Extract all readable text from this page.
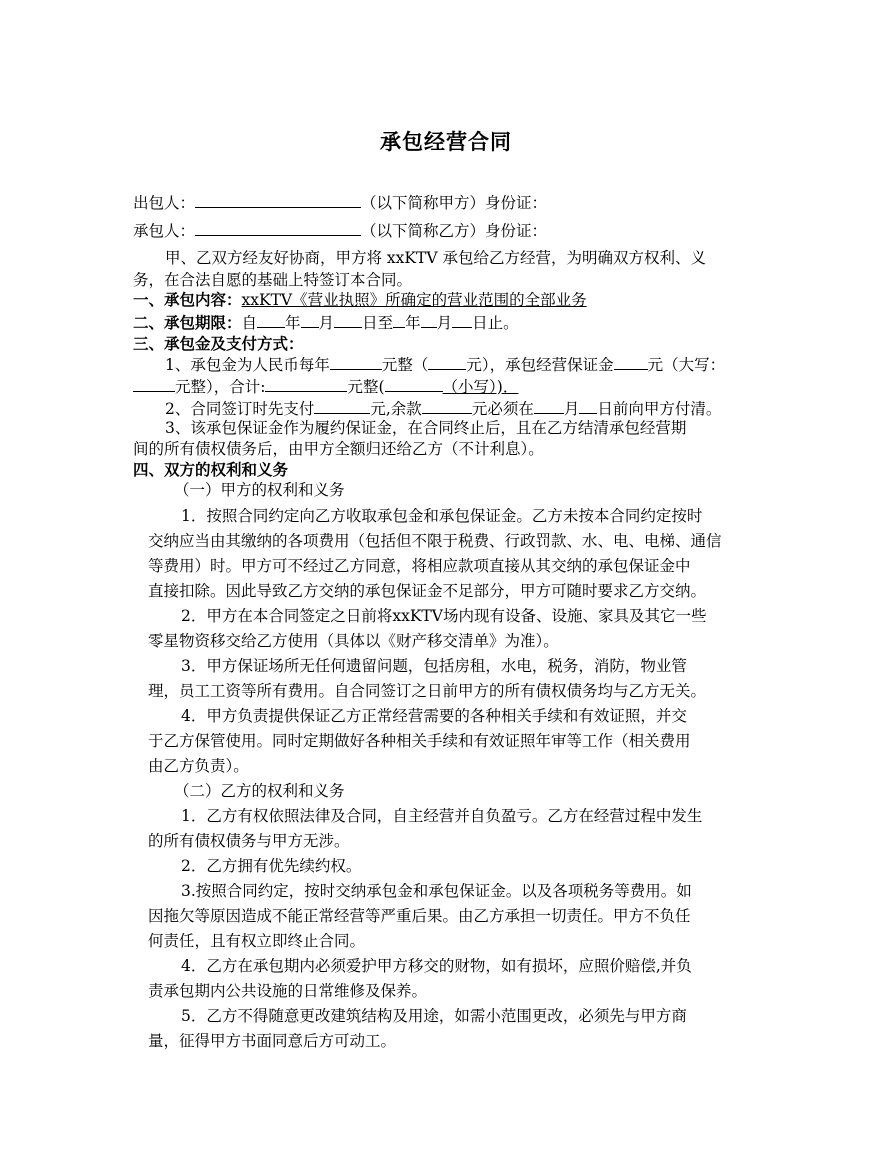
承包经营合同
出包人：	（以下简称甲方）身份证：
承包人：	（以下简称乙方）身份证：
甲、乙双方经友好协商，甲方将 xxKTV 承包给乙方经营，为明确双方权利、义
务，在合法自愿的基础上特签订本合同。
一、承包内容：xxKTV《营业执照》所确定的营业范围的全部业务
二、承包期限：自 年 月 日至 年 月 日止。
三、承包金及支付方式：
1、承包金为人民币每年	元整（ 元），承包经营保证金 元（大写：
元整），合计:	元整(	（小写）)．
2、合同签订时先支付	元,余款	元必须在 月 日前向甲方付清。
3、该承包保证金作为履约保证金，在合同终止后，且在乙方结清承包经营期
间的所有债权债务后，由甲方全额归还给乙方（不计利息）。
四、双方的权利和义务
（一）甲方的权利和义务
1．按照合同约定向乙方收取承包金和承包保证金。乙方未按本合同约定按时
交纳应当由其缴纳的各项费用（包括但不限于税费、行政罚款、水、电、电梯、通信
等费用）时。甲方可不经过乙方同意，将相应款项直接从其交纳的承包保证金中
直接扣除。因此导致乙方交纳的承包保证金不足部分，甲方可随时要求乙方交纳。
2．甲方在本合同签定之日前将xxKTV场内现有设备、设施、家具及其它一些
零星物资移交给乙方使用（具体以《财产移交清单》为准）。
3．甲方保证场所无任何遗留问题，包括房租，水电，税务，消防，物业管
理，员工工资等所有费用。自合同签订之日前甲方的所有债权债务均与乙方无关。
4．甲方负责提供保证乙方正常经营需要的各种相关手续和有效证照，并交
于乙方保管使用。同时定期做好各种相关手续和有效证照年审等工作（相关费用
由乙方负责）。
（二）乙方的权利和义务
1．乙方有权依照法律及合同，自主经营并自负盈亏。乙方在经营过程中发生
的所有债权债务与甲方无涉。
2．乙方拥有优先续约权。
3.按照合同约定，按时交纳承包金和承包保证金。以及各项税务等费用。如
因拖欠等原因造成不能正常经营等严重后果。由乙方承担一切责任。甲方不负任
何责任，且有权立即终止合同。
4．乙方在承包期内必须爱护甲方移交的财物，如有损坏，应照价赔偿,并负
责承包期内公共设施的日常维修及保养。
5．乙方不得随意更改建筑结构及用途，如需小范围更改，必须先与甲方商
量，征得甲方书面同意后方可动工。
